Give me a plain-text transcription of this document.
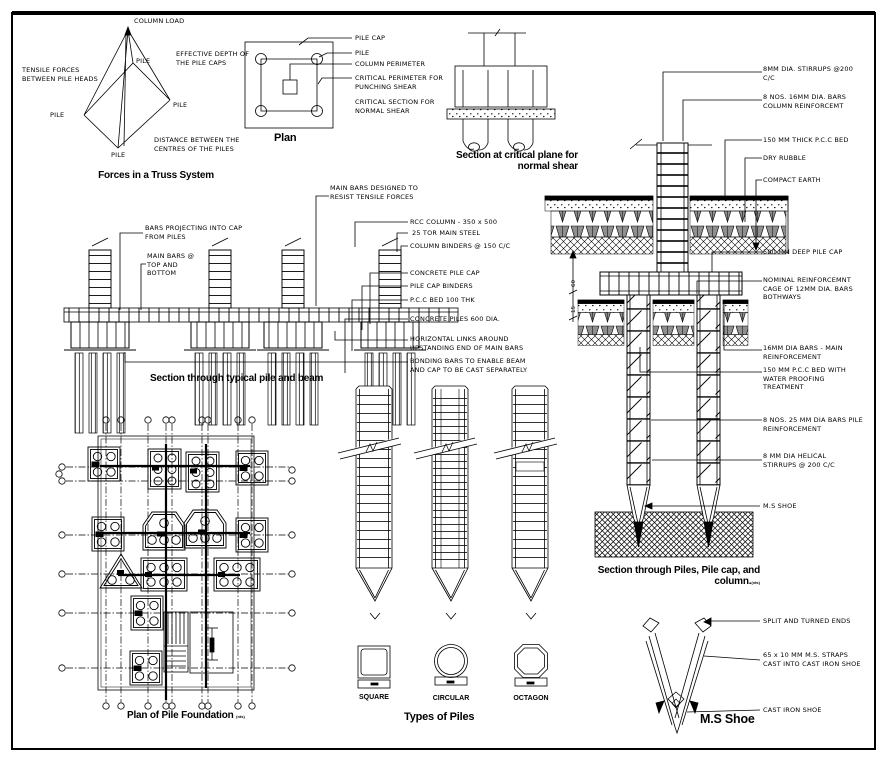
60
15
COLUMN LOAD
TENSILE FORCES BETWEEN PILE HEADS
PILE
PILE
PILE
PILE
DISTANCE BETWEEN THE CENTRES OF THE PILES
EFFECTIVE DEPTH OF THE PILE CAPS
Forces in a Truss System
PILE CAP
PILE
COLUMN PERIMETER
CRITICAL PERIMETER FOR PUNCHING SHEAR
CRITICAL SECTION FOR NORMAL SHEAR
Plan
Section at critical plane for normal shear
BARS PROJECTING INTO CAP FROM PILES
MAIN BARS @ TOP AND BOTTOM
MAIN BARS DESIGNED TO RESIST TENSILE FORCES
RCC COLUMN - 350 x 500
25 TOR MAIN STEEL
COLUMN BINDERS @ 150 C/C
CONCRETE PILE CAP
PILE CAP BINDERS
P.C.C BED 100 THK
CONCRETE PILES 600 DIA.
HORIZONTAL LINKS AROUND UPSTANDING END OF MAIN BARS
BONDING BARS TO ENABLE BEAM AND CAP TO BE CAST SEPARATELY
Section through typical pile and beam
8MM DIA. STIRRUPS @200 C/C
8 NOS. 16MM DIA. BARS COLUMN REINFORCEMT
150 MM THICK P.C.C BED
DRY RUBBLE
COMPACT EARTH
500 MM DEEP PILE CAP
NOMINAL REINFORCEMNT CAGE OF 12MM DIA. BARS BOTHWAYS
16MM DIA BARS - MAIN REINFORCEMENT
150 MM P.C.C BED WITH WATER PROOFING TREATMENT
8 NOS. 25 MM DIA BARS PILE REINFORCEMENT
8 MM DIA HELICAL STIRRUPS @ 200 C/C
M.S SHOE
Section through Piles, Pile cap, and column.(nts)
Plan of Pile Foundation (nts)
SQUARE	CIRCULAR	OCTAGON
Types of Piles
SPLIT AND TURNED ENDS
65 x 10 MM M.S. STRAPS CAST INTO CAST IRON SHOE
CAST IRON SHOE
M.S Shoe
